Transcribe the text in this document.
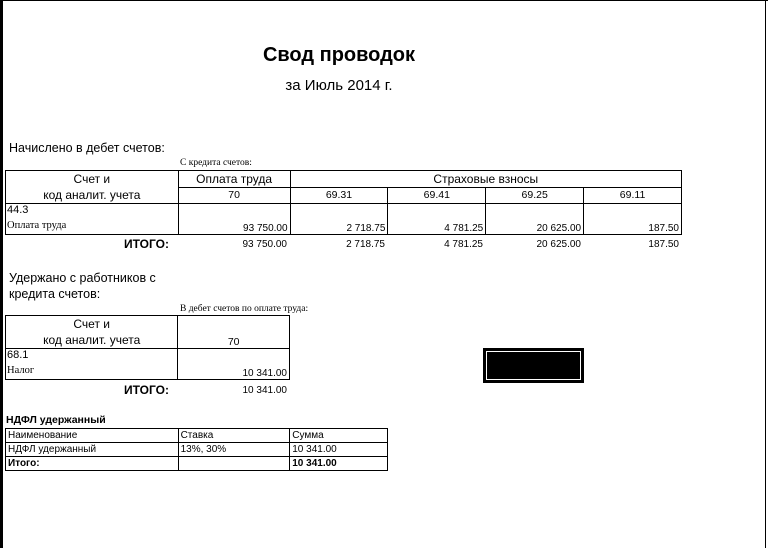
Свод проводок
за Июль 2014 г.
Начислено в дебет счетов:
С кредита счетов:
Счет и
код аналит. учета	Оплата труда	Страховые взносы			
	70	69.31	69.41	69.25	69.11

44.3
Оплата труда	93 750.00	2 718.75	4 781.25	20 625.00	187.50
ИТОГО:	93 750.00	2 718.75	4 781.25	20 625.00	187.50
Удержано с работников с
кредита счетов:
В дебет счетов по оплате труда:
Счет и
код аналит. учета	70

68.1
Налог	10 341.00
ИТОГО:	10 341.00
НДФЛ удержанный
Наименование	Ставка	Сумма
НДФЛ удержанный	13%, 30%	10 341.00
Итого:		10 341.00
